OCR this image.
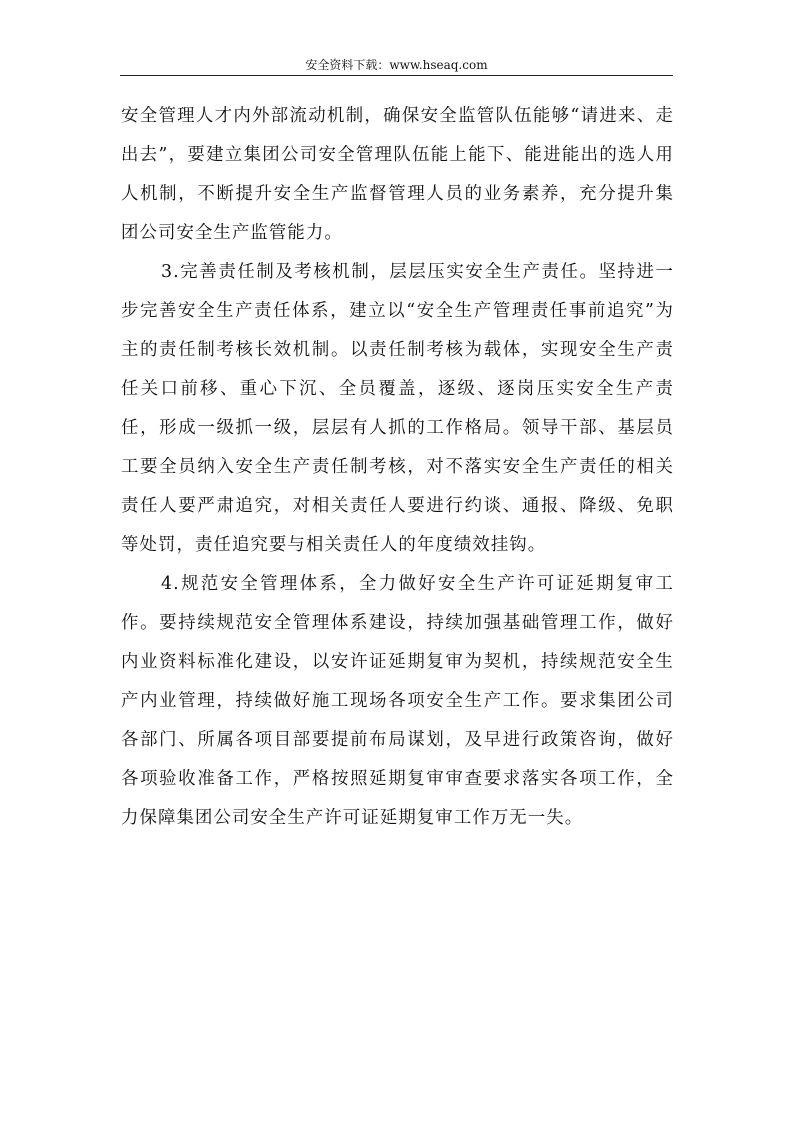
安全资料下载：www.hseaq.com

安全管理人才内外部流动机制，确保安全监管队伍能够“请进来、走出去”，要建立集团公司安全管理队伍能上能下、能进能出的选人用人机制，不断提升安全生产监督管理人员的业务素养，充分提升集团公司安全生产监管能力。

3.完善责任制及考核机制，层层压实安全生产责任。坚持进一步完善安全生产责任体系，建立以“安全生产管理责任事前追究”为主的责任制考核长效机制。以责任制考核为载体，实现安全生产责任关口前移、重心下沉、全员覆盖，逐级、逐岗压实安全生产责任，形成一级抓一级，层层有人抓的工作格局。领导干部、基层员工要全员纳入安全生产责任制考核，对不落实安全生产责任的相关责任人要严肃追究，对相关责任人要进行约谈、通报、降级、免职等处罚，责任追究要与相关责任人的年度绩效挂钩。

4.规范安全管理体系，全力做好安全生产许可证延期复审工作。要持续规范安全管理体系建设，持续加强基础管理工作，做好内业资料标准化建设，以安许证延期复审为契机，持续规范安全生产内业管理，持续做好施工现场各项安全生产工作。要求集团公司各部门、所属各项目部要提前布局谋划，及早进行政策咨询，做好各项验收准备工作，严格按照延期复审审查要求落实各项工作，全力保障集团公司安全生产许可证延期复审工作万无一失。
